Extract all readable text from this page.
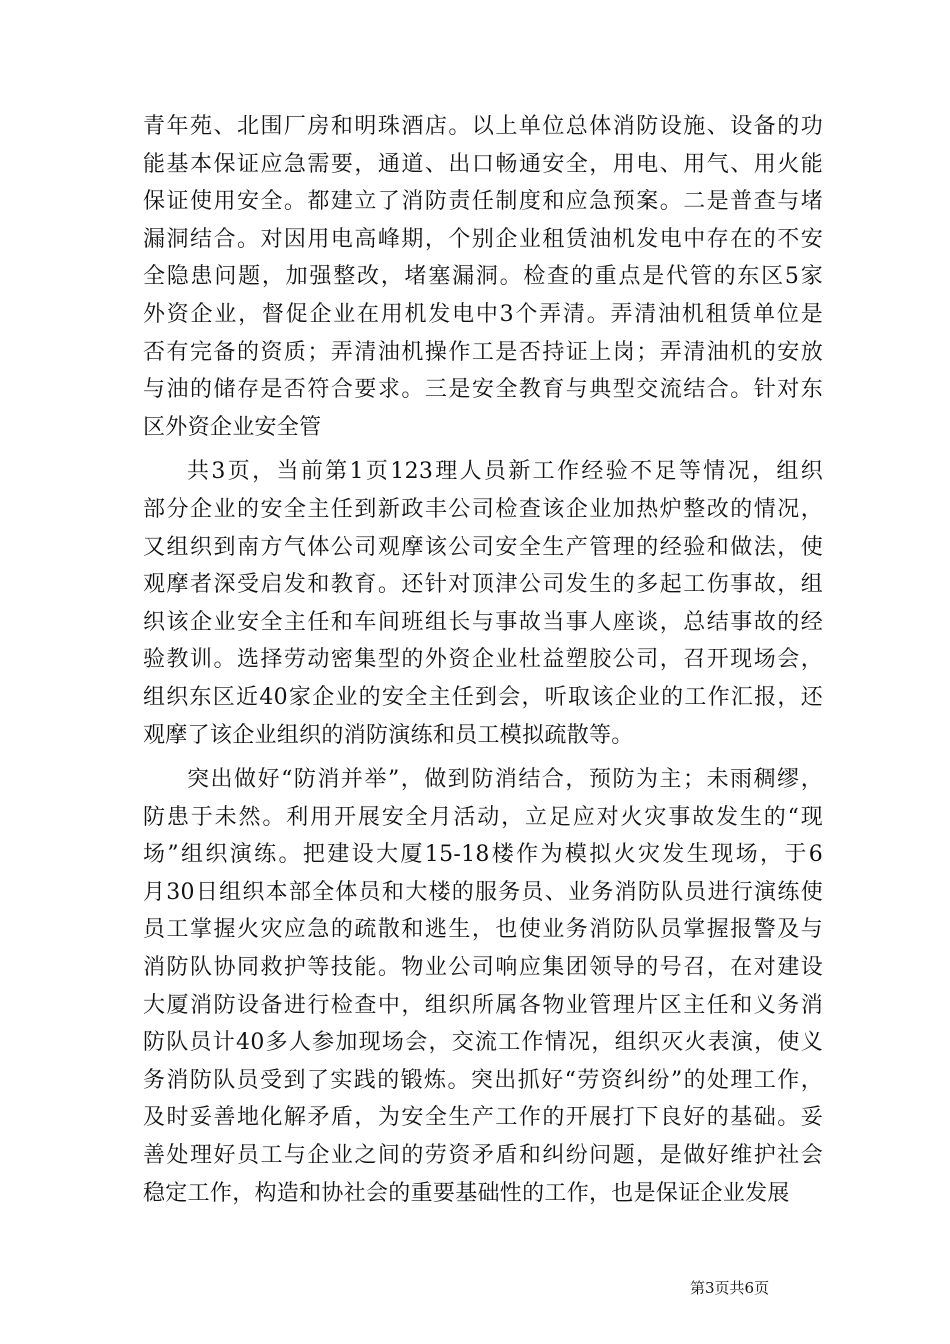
青年苑、北围厂房和明珠酒店。以上单位总体消防设施、设备的功
能基本保证应急需要，通道、出口畅通安全，用电、用气、用火能
保证使用安全。都建立了消防责任制度和应急预案。二是普查与堵
漏洞结合。对因用电高峰期，个别企业租赁油机发电中存在的不安
全隐患问题，加强整改，堵塞漏洞。检查的重点是代管的东区5家
外资企业，督促企业在用机发电中3个弄清。弄清油机租赁单位是
否有完备的资质；弄清油机操作工是否持证上岗；弄清油机的安放
与油的储存是否符合要求。三是安全教育与典型交流结合。针对东
区外资企业安全管
共3页，当前第1页123理人员新工作经验不足等情况，组织
部分企业的安全主任到新政丰公司检查该企业加热炉整改的情况，
又组织到南方气体公司观摩该公司安全生产管理的经验和做法，使
观摩者深受启发和教育。还针对顶津公司发生的多起工伤事故，组
织该企业安全主任和车间班组长与事故当事人座谈，总结事故的经
验教训。选择劳动密集型的外资企业杜益塑胶公司，召开现场会，
组织东区近40家企业的安全主任到会，听取该企业的工作汇报，还
观摩了该企业组织的消防演练和员工模拟疏散等。
突出做好“防消并举”，做到防消结合，预防为主；未雨稠缪，
防患于未然。利用开展安全月活动，立足应对火灾事故发生的“现
场”组织演练。把建设大厦15-18楼作为模拟火灾发生现场，于6
月30日组织本部全体员和大楼的服务员、业务消防队员进行演练使
员工掌握火灾应急的疏散和逃生，也使业务消防队员掌握报警及与
消防队协同救护等技能。物业公司响应集团领导的号召，在对建设
大厦消防设备进行检查中，组织所属各物业管理片区主任和义务消
防队员计40多人参加现场会，交流工作情况，组织灭火表演，使义
务消防队员受到了实践的锻炼。突出抓好“劳资纠纷”的处理工作，
及时妥善地化解矛盾，为安全生产工作的开展打下良好的基础。妥
善处理好员工与企业之间的劳资矛盾和纠纷问题，是做好维护社会
稳定工作，构造和协社会的重要基础性的工作，也是保证企业发展
第3页共6页
